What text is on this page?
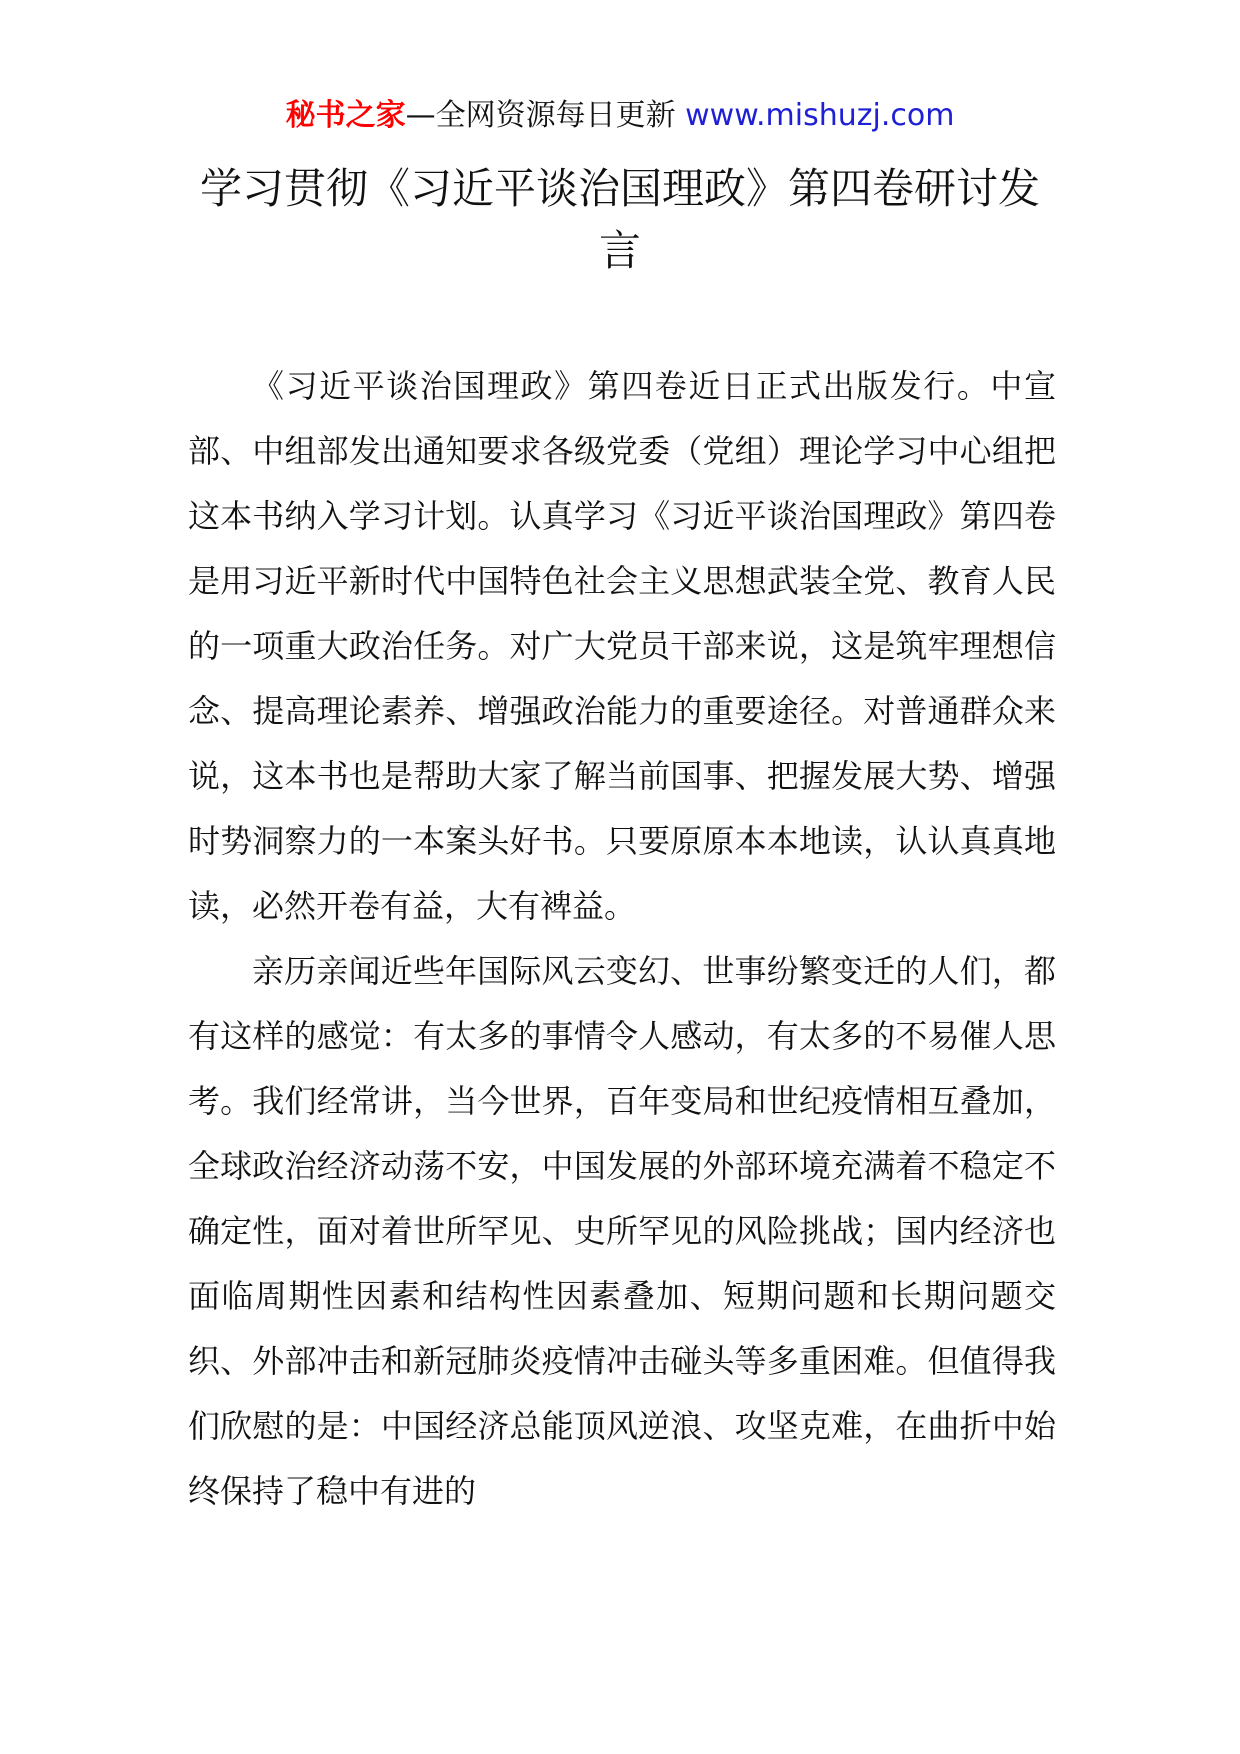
秘书之家—全网资源每日更新 www.mishuzj.com
学习贯彻《习近平谈治国理政》第四卷研讨发言

《习近平谈治国理政》第四卷近日正式出版发行。中宣部、中组部发出通知要求各级党委（党组）理论学习中心组把这本书纳入学习计划。认真学习《习近平谈治国理政》第四卷是用习近平新时代中国特色社会主义思想武装全党、教育人民的一项重大政治任务。对广大党员干部来说，这是筑牢理想信念、提高理论素养、增强政治能力的重要途径。对普通群众来说，这本书也是帮助大家了解当前国事、把握发展大势、增强时势洞察力的一本案头好书。只要原原本本地读，认认真真地读，必然开卷有益，大有裨益。

亲历亲闻近些年国际风云变幻、世事纷繁变迁的人们，都有这样的感觉：有太多的事情令人感动，有太多的不易催人思考。我们经常讲，当今世界，百年变局和世纪疫情相互叠加，全球政治经济动荡不安，中国发展的外部环境充满着不稳定不确定性，面对着世所罕见、史所罕见的风险挑战；国内经济也面临周期性因素和结构性因素叠加、短期问题和长期问题交织、外部冲击和新冠肺炎疫情冲击碰头等多重困难。但值得我们欣慰的是：中国经济总能顶风逆浪、攻坚克难，在曲折中始终保持了稳中有进的
